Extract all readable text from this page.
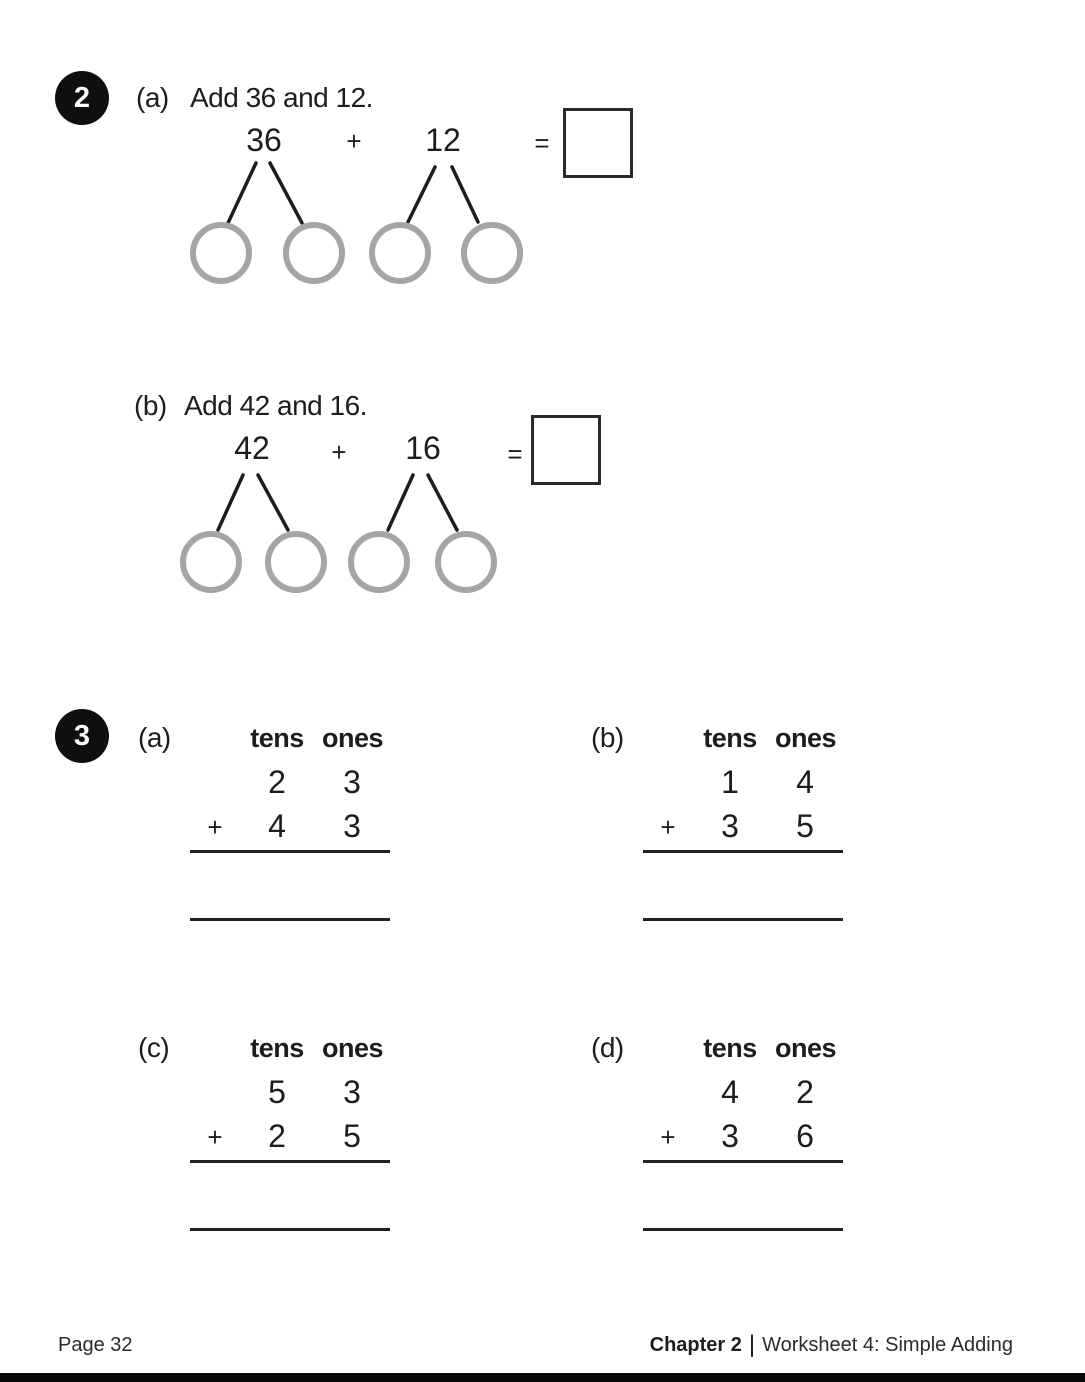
2	(a) Add 36 and 12.
36	+	12	=
(b) Add 42 and 16.
42	+	16	=
3	(a)	tens ones
2	3
+	4	3
(b)	tens ones
1	4
+	3	5
(c)	tens ones
5	3
+	2	5
(d)	tens ones
4	2
+	3	6
Page 32	Chapter 2 | Worksheet 4: Simple Adding
